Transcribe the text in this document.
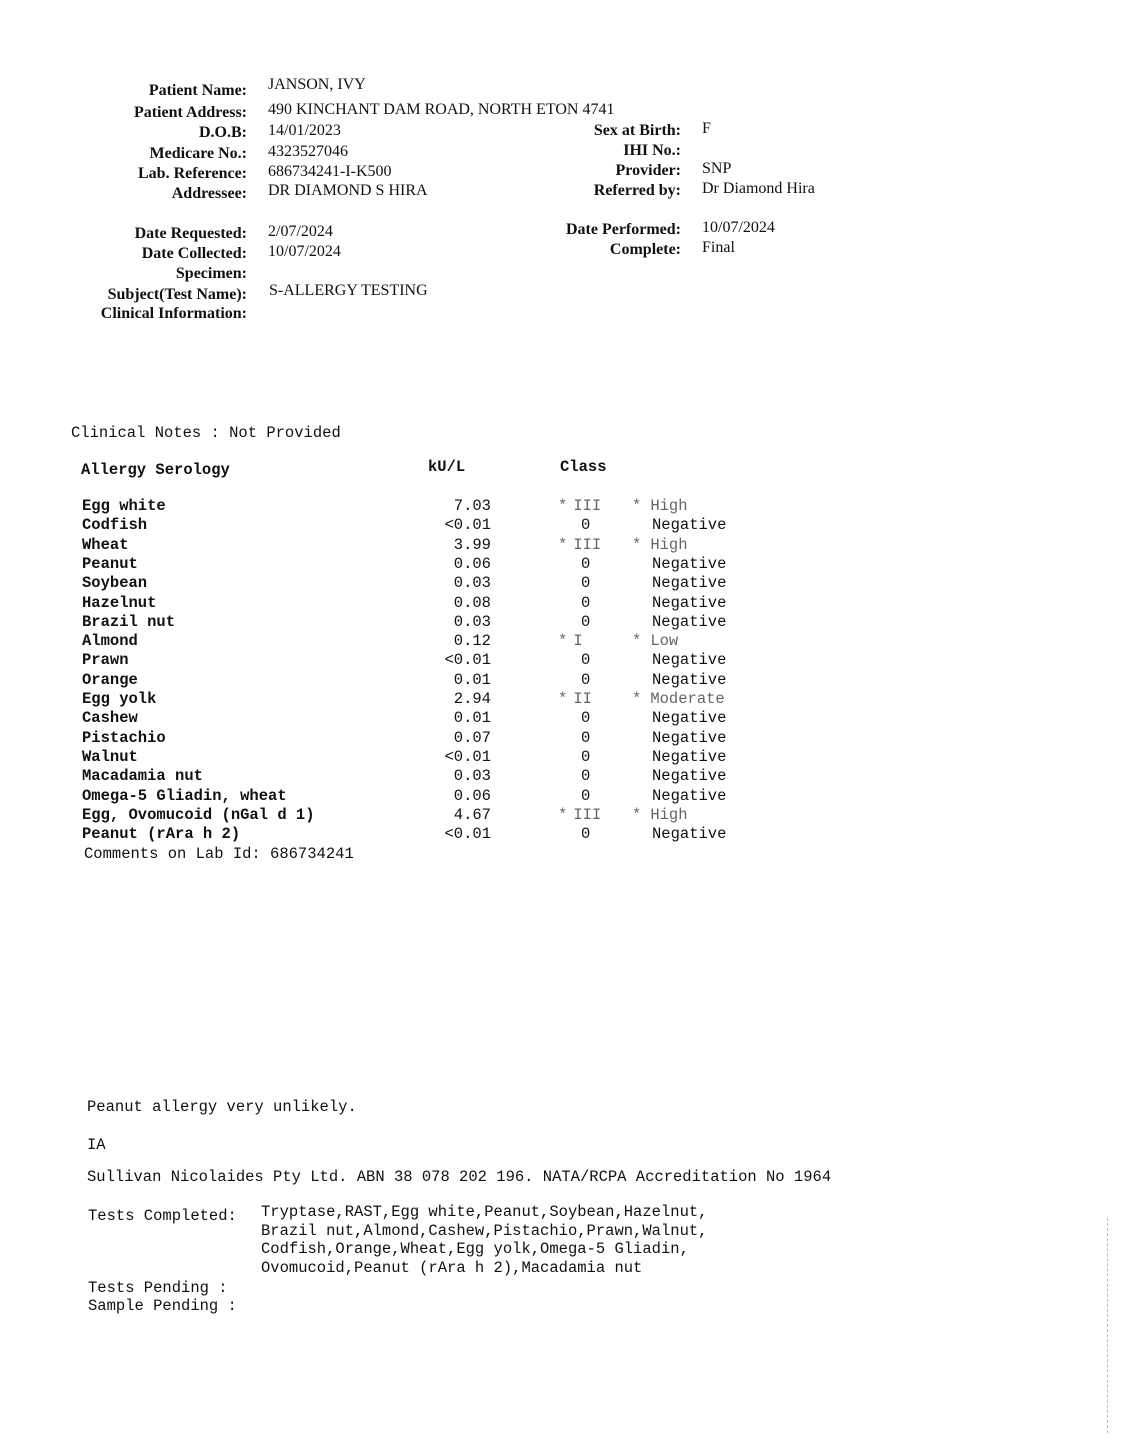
Patient Name: JANSON, IVY
Patient Address: 490 KINCHANT DAM ROAD, NORTH ETON 4741
D.O.B: 14/01/2023
Medicare No.: 4323527046
Lab. Reference: 686734241-I-K500
Addressee: DR DIAMOND S HIRA
Sex at Birth: F
IHI No.:
Provider: SNP
Referred by: Dr Diamond Hira
Date Requested: 2/07/2024
Date Collected: 10/07/2024
Specimen:
Subject(Test Name): S-ALLERGY TESTING
Clinical Information:
Date Performed: 10/07/2024
Complete: Final
Clinical Notes : Not Provided
Allergy Serology	kU/L	Class
Egg white	7.03	* III	* High
Codfish	<0.01	0	Negative
Wheat	3.99	* III	* High
Peanut	0.06	0	Negative
Soybean	0.03	0	Negative
Hazelnut	0.08	0	Negative
Brazil nut	0.03	0	Negative
Almond	0.12	* I	* Low
Prawn	<0.01	0	Negative
Orange	0.01	0	Negative
Egg yolk	2.94	* II	* Moderate
Cashew	0.01	0	Negative
Pistachio	0.07	0	Negative
Walnut	<0.01	0	Negative
Macadamia nut	0.03	0	Negative
Omega-5 Gliadin, wheat	0.06	0	Negative
Egg, Ovomucoid (nGal d 1)	4.67	* III	* High
Peanut (rAra h 2)	<0.01	0	Negative
Comments on Lab Id: 686734241
Peanut allergy very unlikely.
IA
Sullivan Nicolaides Pty Ltd. ABN 38 078 202 196. NATA/RCPA Accreditation No 1964
Tests Completed: Tryptase,RAST,Egg white,Peanut,Soybean,Hazelnut,
Brazil nut,Almond,Cashew,Pistachio,Prawn,Walnut,
Codfish,Orange,Wheat,Egg yolk,Omega-5 Gliadin,
Ovomucoid,Peanut (rAra h 2),Macadamia nut
Tests Pending :
Sample Pending :
